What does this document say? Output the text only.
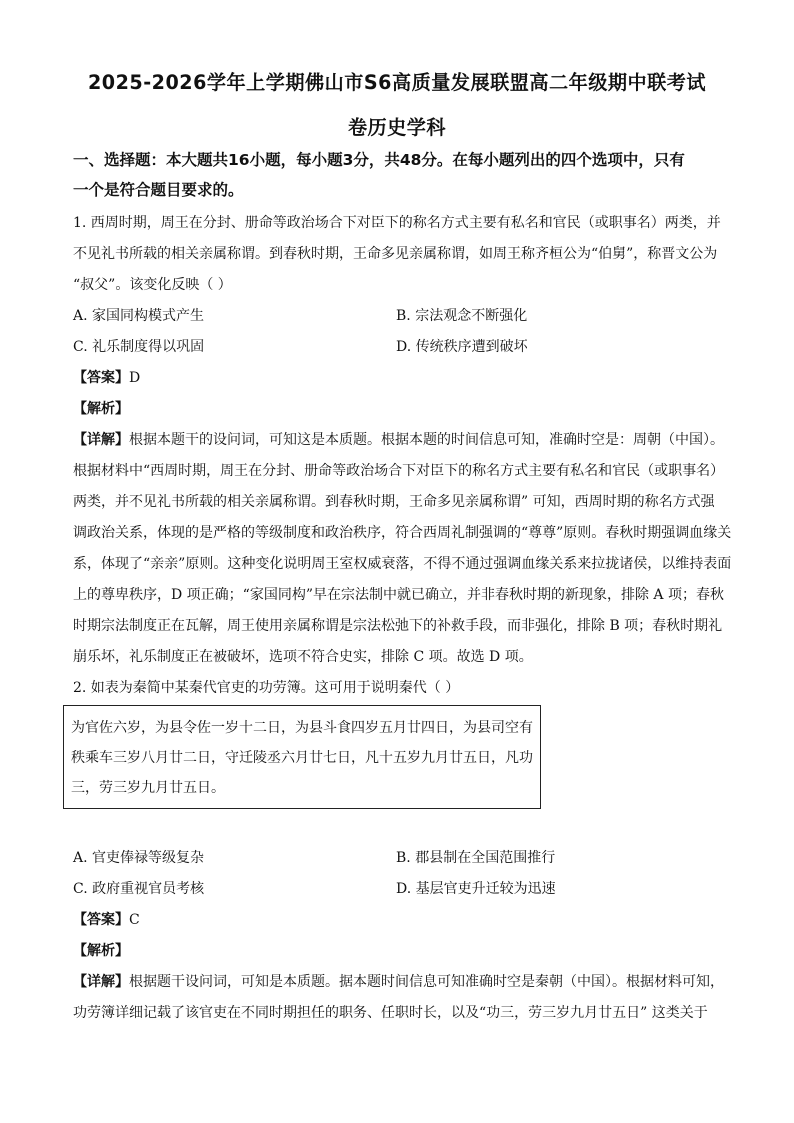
2025-2026学年上学期佛山市S6高质量发展联盟高二年级期中联考试
卷历史学科
一、选择题：本大题共16小题，每小题3分，共48分。在每小题列出的四个选项中，只有
一个是符合题目要求的。
1. 西周时期，周王在分封、册命等政治场合下对臣下的称名方式主要有私名和官民（或职事名）两类，并
不见礼书所载的相关亲属称谓。到春秋时期，王命多见亲属称谓，如周王称齐桓公为“伯舅”，称晋文公为
“叔父”。该变化反映（ ）
A. 家国同构模式产生	B. 宗法观念不断强化
C. 礼乐制度得以巩固	D. 传统秩序遭到破坏
【答案】D
【解析】
【详解】根据本题干的设问词，可知这是本质题。根据本题的时间信息可知，准确时空是：周朝（中国）。
根据材料中“西周时期，周王在分封、册命等政治场合下对臣下的称名方式主要有私名和官民（或职事名）
两类，并不见礼书所载的相关亲属称谓。到春秋时期，王命多见亲属称谓” 可知，西周时期的称名方式强
调政治关系，体现的是严格的等级制度和政治秩序，符合西周礼制强调的“尊尊”原则。春秋时期强调血缘关
系，体现了“亲亲”原则。这种变化说明周王室权威衰落，不得不通过强调血缘关系来拉拢诸侯，以维持表面
上的尊卑秩序，D 项正确；“家国同构”早在宗法制中就已确立，并非春秋时期的新现象，排除 A 项；春秋
时期宗法制度正在瓦解，周王使用亲属称谓是宗法松弛下的补救手段，而非强化，排除 B 项；春秋时期礼
崩乐坏，礼乐制度正在被破坏，选项不符合史实，排除 C 项。故选 D 项。
2. 如表为秦简中某秦代官吏的功劳簿。这可用于说明秦代（ ）
为官佐六岁，为县令佐一岁十二日，为县斗食四岁五月廿四日，为县司空有
秩乘车三岁八月廿二日，守迁陵丞六月廿七日，凡十五岁九月廿五日，凡功
三，劳三岁九月廿五日。
A. 官吏俸禄等级复杂	B. 郡县制在全国范围推行
C. 政府重视官员考核	D. 基层官吏升迁较为迅速
【答案】C
【解析】
【详解】根据题干设问词，可知是本质题。据本题时间信息可知准确时空是秦朝（中国）。根据材料可知，
功劳簿详细记载了该官吏在不同时期担任的职务、任职时长，以及“功三，劳三岁九月廿五日” 这类关于
